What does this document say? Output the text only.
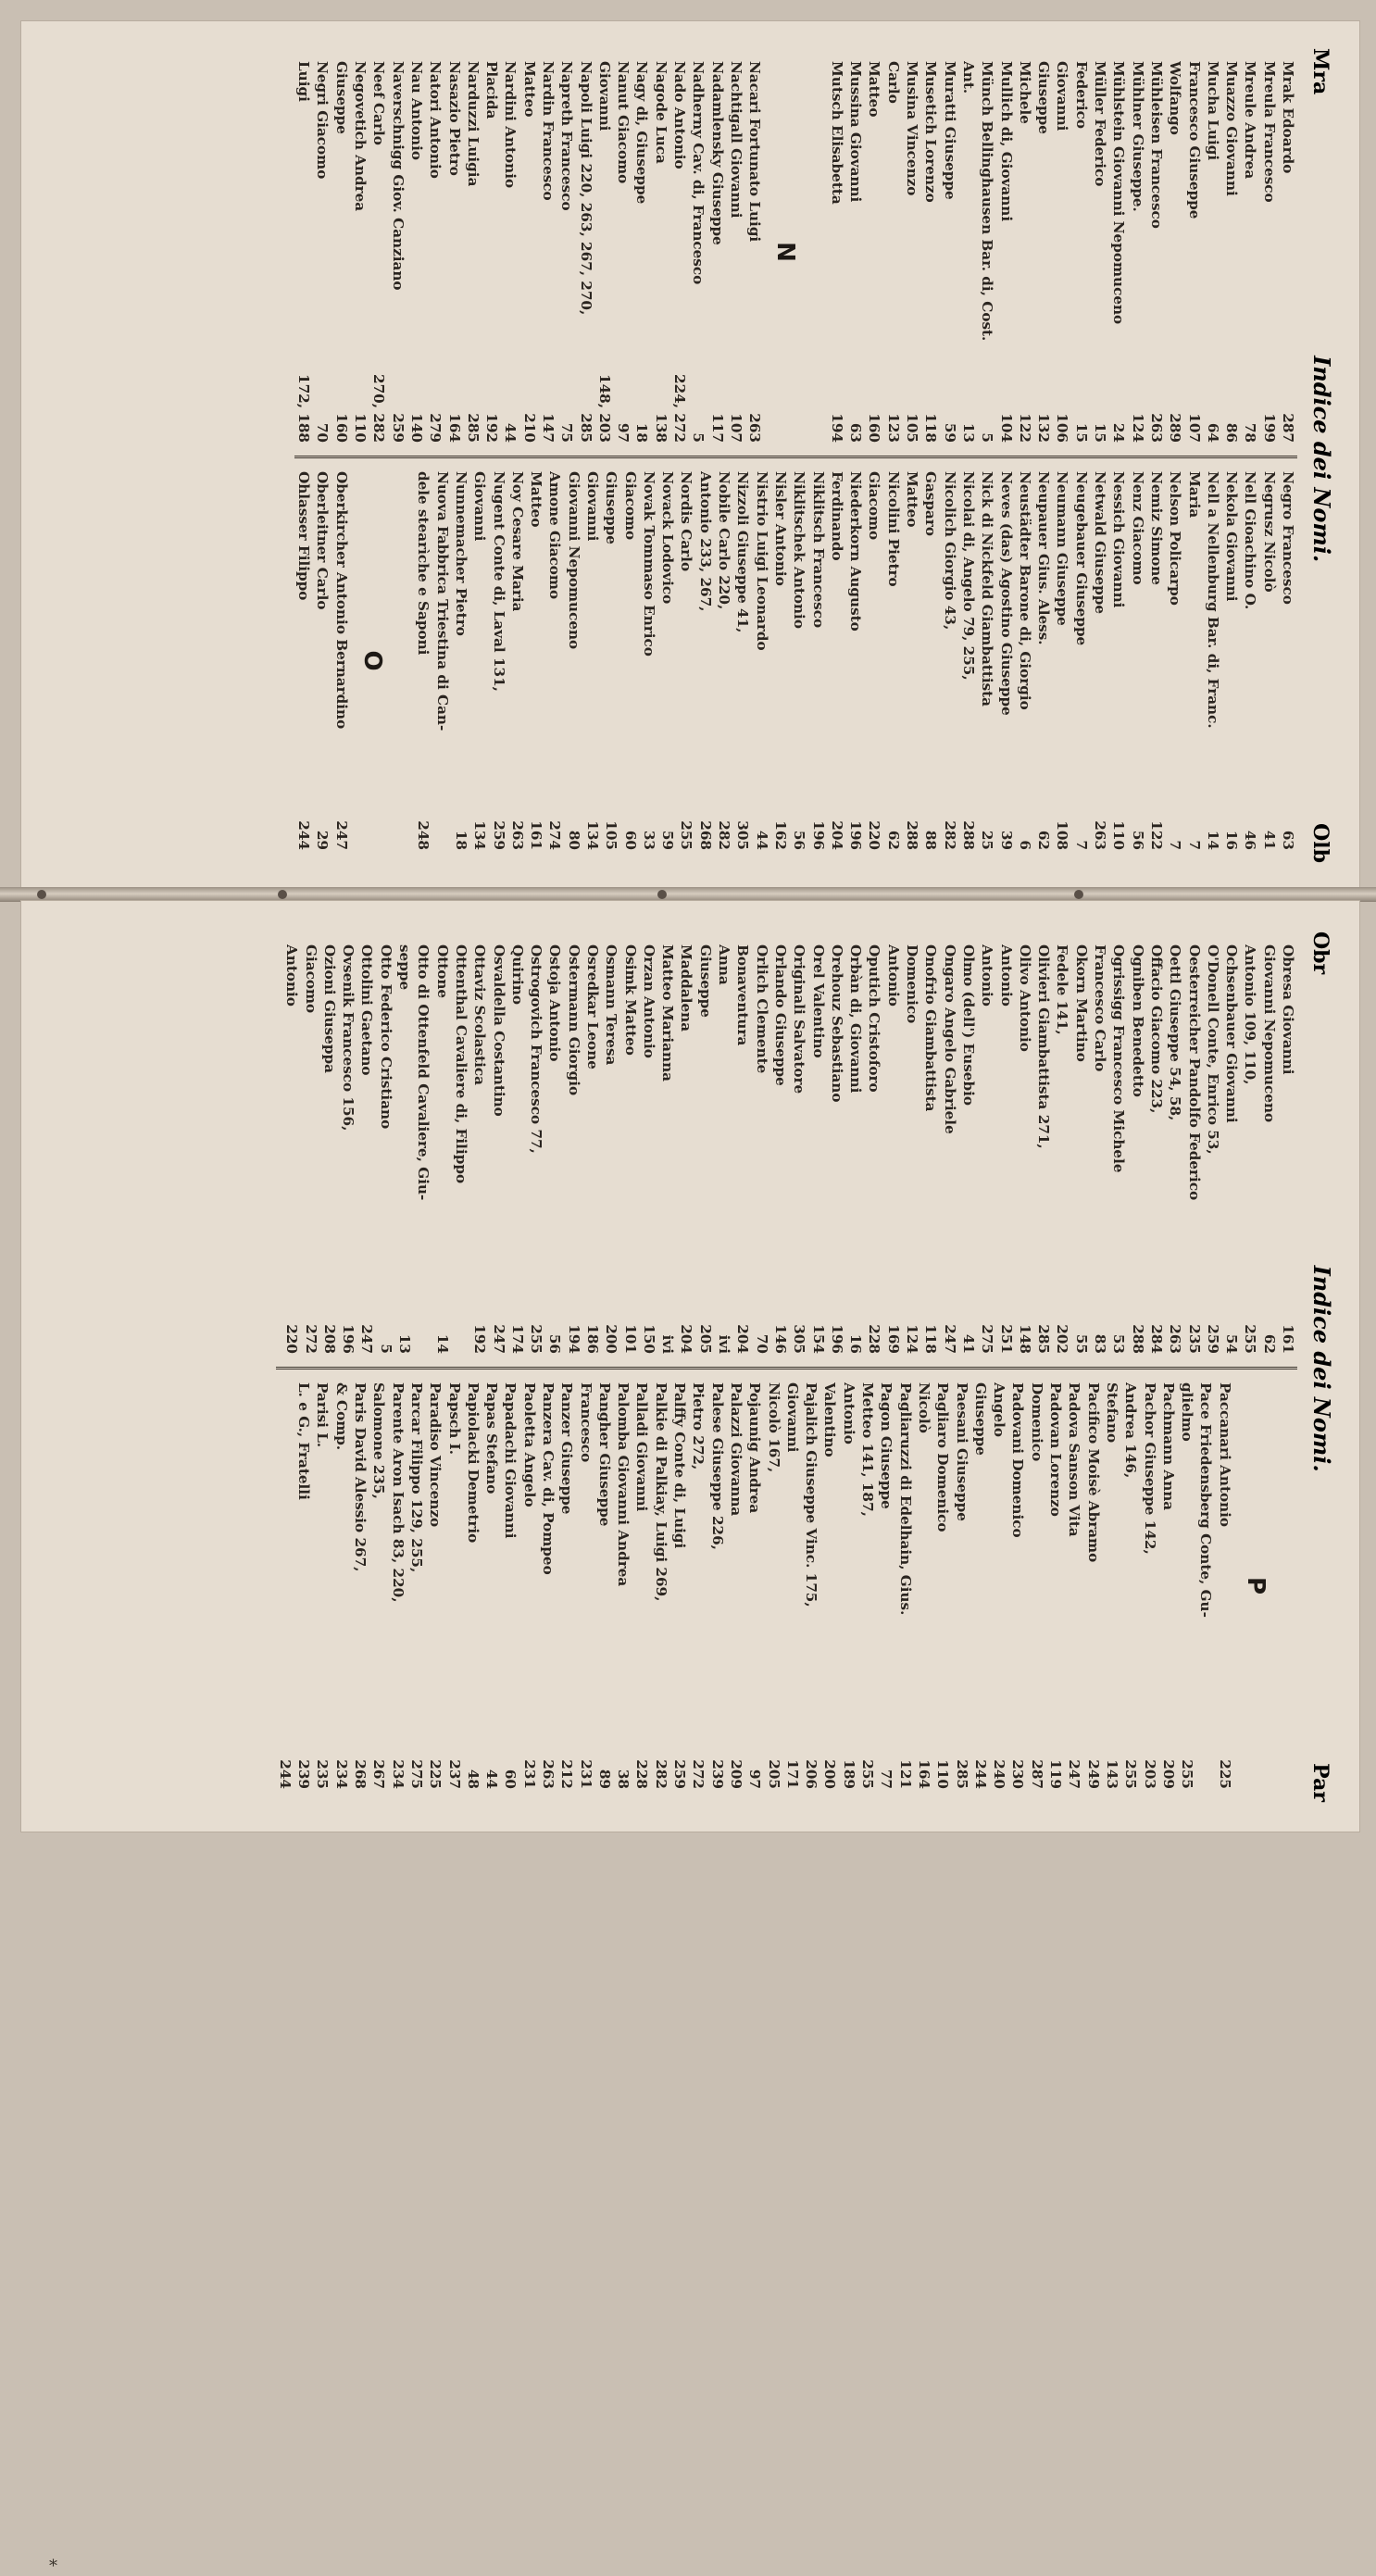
Mra
Indice dei Nomi.
Olb
Mrak Edoardo
287
Mreula Francesco
199
Mreule Andrea
78
Muazzo Giovanni
86
Mucha Luigi
64
Francesco Giuseppe
107
Wolfango
289
Mühleisen Francesco
263
Mühlner Giuseppe.
124
Mühlstein Giovanni Nepomuceno
24
Müller Federico
15
Federico
15
Giovanni
106
Giuseppe
132
Michele
122
Mullich di, Giovanni
104
Münch Bellinghausen Bar. di, Cost.
5
Ant.
13
Muratti Giuseppe
59
Musetich Lorenzo
118
Musina Vincenzo
105
Carlo
123
Matteo
160
Mussina Giovanni
63
Mutsch Elisabetta
194

N
Nacari Fortunato Luigi
263
Nachtigall Giovanni
107
Nadamlensky Giuseppe
117
Nadherny Cav. di, Francesco
5
Nado Antonio
224, 272
Nagode Luca
138
Nagy di, Giuseppe
18
Nanut Giacomo
97
Giovanni
148, 203
Napoli Luigi 220, 263, 267, 270,
285
Napreth Francesco
75
Nardin Francesco
147
Matteo
210
Nardini Antonio
44
Placida
192
Narduzzi Luigia
285
Nasazio Pietro
164
Natori Antonio
279
Nau Antonio
140
Naverschnigg Giov. Canziano
259
Neef Carlo
270, 282
Negovetich Andrea
110
Giuseppe
160
Negri Giacomo
70
Luigi
172, 188
Negro Francesco
63
Negrusz Nicolò
41
Nell Gioachino O.
46
Nekola Giovanni
16
Nell a Nellenburg Bar. di, Franc.
14
Maria
7
Nelson Policarpo
7
Nemiz Simone
122
Nenz Giacomo
56
Nessich Giovanni
110
Netwald Giuseppe
263
Neugebauer Giuseppe
7
Neumann Giuseppe
108
Neupauer Gius. Aless.
62
Neustädter Barone di, Giorgio
6
Neves (das) Agostino Giuseppe
39
Nick di Nickfeld Giambattista
25
Nicolai di, Angelo 79, 255,
288
Nicolich Giorgio 43,
282
Gasparo
88
Matteo
288
Nicolini Pietro
62
Giacomo
220
Niederkorn Augusto
196
Ferdinando
204
Niklitsch Francesco
196
Niklitschek Antonio
56
Nisler Antonio
162
Nistrio Luigi Leonardo
44
Nizzoli Giuseppe 41,
305
Nobile Carlo 220,
282
Antonio 233, 267,
268
Nordis Carlo
255
Novack Lodovico
59
Novak Tommaso Enrico
33
Giacomo
60
Giuseppe
105
Giovanni
134
Giovanni Nepomuceno
80
Amone Giacomo
274
Matteo
161
Noy Cesare Maria
263
Nugent Conte di, Laval 131,
259
Giovanni
134
Nunnemacher Pietro
18
Nuova Fabbrica Triestina di Can-
dele stearìche e Saponi
248

O
Oberkircher Antonio Bernardino
247
Oberleitner Carlo
29
Ohlasser Filippo
244
Obr
Indice dei Nomi.
Par
Obresa Giovanni
161
Giovanni Nepomuceno
62
Antonio 109, 110,
255
Ochsenbauer Giovanni
54
O'Donell Conte, Enrico 53,
259
Oesterreicher Pandolfo Federico
235
Oettl Giuseppe 54, 58,
263
Offacio Giacomo 223,
284
Ogniben Benedetto
288
Ogrissigg Francesco Michele
53
Francesco Carlo
83
Okorn Martino
55
Fedele 141,
202
Olivieri Giambattista 271,
285
Olivo Antonio
148
Antonio
251
Antonio
275
Olmo (dell') Eusebio
41
Ongaro Angelo Gabriele
247
Onofrio Giambattista
118
Domenico
124
Antonio
169
Oputich Cristoforo
228
Orbàn di, Giovanni
16
Orehouz Sebastiano
196
Orel Valentino
154
Originali Salvatore
305
Orlando Giuseppe
146
Orlich Clemente
70
Bonaventura
204
Anna
ivi
Giuseppe
205
Maddalena
204
Matteo Marianna
ivi
Orzan Antonio
150
Osimk Matteo
101
Osmann Teresa
200
Osredkar Leone
186
Ostermann Giorgio
194
Ostoja Antonio
56
Ostrogovich Francesco 77,
255
Quirino
174
Osvaldella Costantino
247
Ottaviz Scolastica
192
Ottenthal Cavaliere di, Filippo
Ottone
14
Otto di Ottenfeld Cavaliere, Giu-
seppe
13
Otto Federico Cristiano
5
Ottolini Gaetano
247
Ovsenik Francesco 156,
196
Ozioni Giuseppa
208
Giacomo
272
Antonio
220

P
Paccanari Antonio
225
Pace Friedensberg Conte, Gu-
glielmo
255
Pachmann Anna
209
Pachor Giuseppe 142,
203
Andrea 146,
255
Stefano
143
Pacifico Moisè Abramo
249
Padova Sanson Vita
247
Padovan Lorenzo
119
Domenico
287
Padovani Domenico
230
Angelo
240
Giuseppe
244
Paesani Giuseppe
285
Pagliaro Domenico
110
Nicolò
164
Pagliaruzzi di Edelhain, Gius.
121
Pagon Giuseppe
77
Metteo 141, 187,
255
Antonio
189
Valentino
200
Pajalich Giuseppe Vinc. 175,
206
Giovanni
171
Nicolò 167,
205
Pojaunig Andrea
97
Palazzi Giovanna
209
Palese Giuseppe 226,
239
Pietro 272,
272
Palffy Conte di, Luigi
259
Palkie di Palkiay, Luigi 269,
282
Palladi Giovanni
228
Palomba Giovanni Andrea
38
Pangher Giuseppe
89
Francesco
231
Panzer Giuseppe
212
Panzera Cav. di, Pompeo
263
Paoletta Angelo
231
Papadachi Giovanni
60
Papas Stefano
44
Papiolacki Demetrio
48
Papsch I.
237
Paradiso Vincenzo
225
Parcar Filippo 129, 255,
275
Parente Aron Isach 83, 220,
234
Salomone 235,
267
Paris David Alessio 267,
268
& Comp.
234
Parisi L.
235
L. e G., Fratelli
239
244
*
